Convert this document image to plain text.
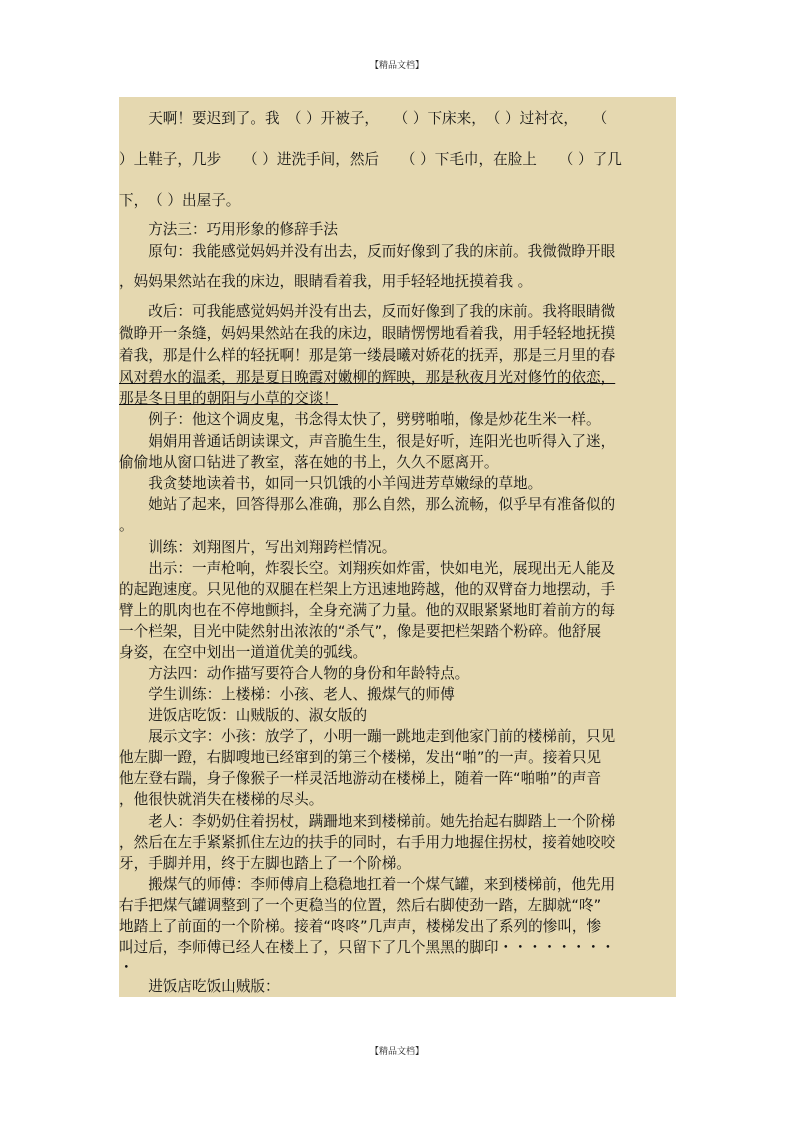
【精品文档】

　　天啊！要迟到了。我　（ ）开被子，　　（ ）下床来，　（ ）过衬衣，　　（

）上鞋子，几步　　（ ）进洗手间，然后　　（ ）下毛巾，在脸上　　（ ）了几

下，　（ ）出屋子。

　　方法三：巧用形象的修辞手法

　　原句：我能感觉妈妈并没有出去，反而好像到了我的床前。我微微睁开眼

，妈妈果然站在我的床边，眼睛看着我，用手轻轻地抚摸着我 。

　　改后：可我能感觉妈妈并没有出去，反而好像到了我的床前。我将眼睛微

微睁开一条缝，妈妈果然站在我的床边，眼睛愣愣地看着我，用手轻轻地抚摸

着我，那是什么样的轻抚啊！那是第一缕晨曦对娇花的抚弄，那是三月里的春

风对碧水的温柔，那是夏日晚霞对嫩柳的辉映，那是秋夜月光对修竹的依恋，

那是冬日里的朝阳与小草的交谈！

　　例子：他这个调皮鬼，书念得太快了，劈劈啪啪，像是炒花生米一样。

　　娟娟用普通话朗读课文，声音脆生生，很是好听，连阳光也听得入了迷，

偷偷地从窗口钻进了教室，落在她的书上，久久不愿离开。

　　我贪婪地读着书，如同一只饥饿的小羊闯进芳草嫩绿的草地。

　　她站了起来，回答得那么准确，那么自然，那么流畅，似乎早有准备似的

。

　　训练：刘翔图片，写出刘翔跨栏情况。

　　出示：一声枪响，炸裂长空。刘翔疾如炸雷，快如电光，展现出无人能及

的起跑速度。只见他的双腿在栏架上方迅速地跨越，他的双臂奋力地摆动，手

臂上的肌肉也在不停地颤抖，全身充满了力量。他的双眼紧紧地盯着前方的每

一个栏架，目光中陡然射出浓浓的“杀气”，像是要把栏架踏个粉碎。他舒展

身姿，在空中划出一道道优美的弧线。

　　方法四：动作描写要符合人物的身份和年龄特点。

　　学生训练：上楼梯：小孩、老人、搬煤气的师傅

　　进饭店吃饭：山贼版的、淑女版的

　　展示文字：小孩：放学了，小明一蹦一跳地走到他家门前的楼梯前，只见

他左脚一蹬，右脚嗖地已经窜到的第三个楼梯，发出“啪”的一声。接着只见

他左登右踹，身子像猴子一样灵活地游动在楼梯上，随着一阵“啪啪”的声音

，他很快就消失在楼梯的尽头。

　　老人：李奶奶住着拐杖，蹒跚地来到楼梯前。她先抬起右脚踏上一个阶梯

，然后在左手紧紧抓住左边的扶手的同时，右手用力地握住拐杖，接着她咬咬

牙，手脚并用，终于左脚也踏上了一个阶梯。

　　搬煤气的师傅：李师傅肩上稳稳地扛着一个煤气罐，来到楼梯前，他先用

右手把煤气罐调整到了一个更稳当的位置，然后右脚使劲一踏，左脚就“咚”

地踏上了前面的一个阶梯。接着“咚咚”几声声，楼梯发出了系列的惨叫，惨

叫过后，李师傅已经人在楼上了，只留下了几个黑黑的脚印・・・・・・・・

・

　　进饭店吃饭山贼版：

【精品文档】
